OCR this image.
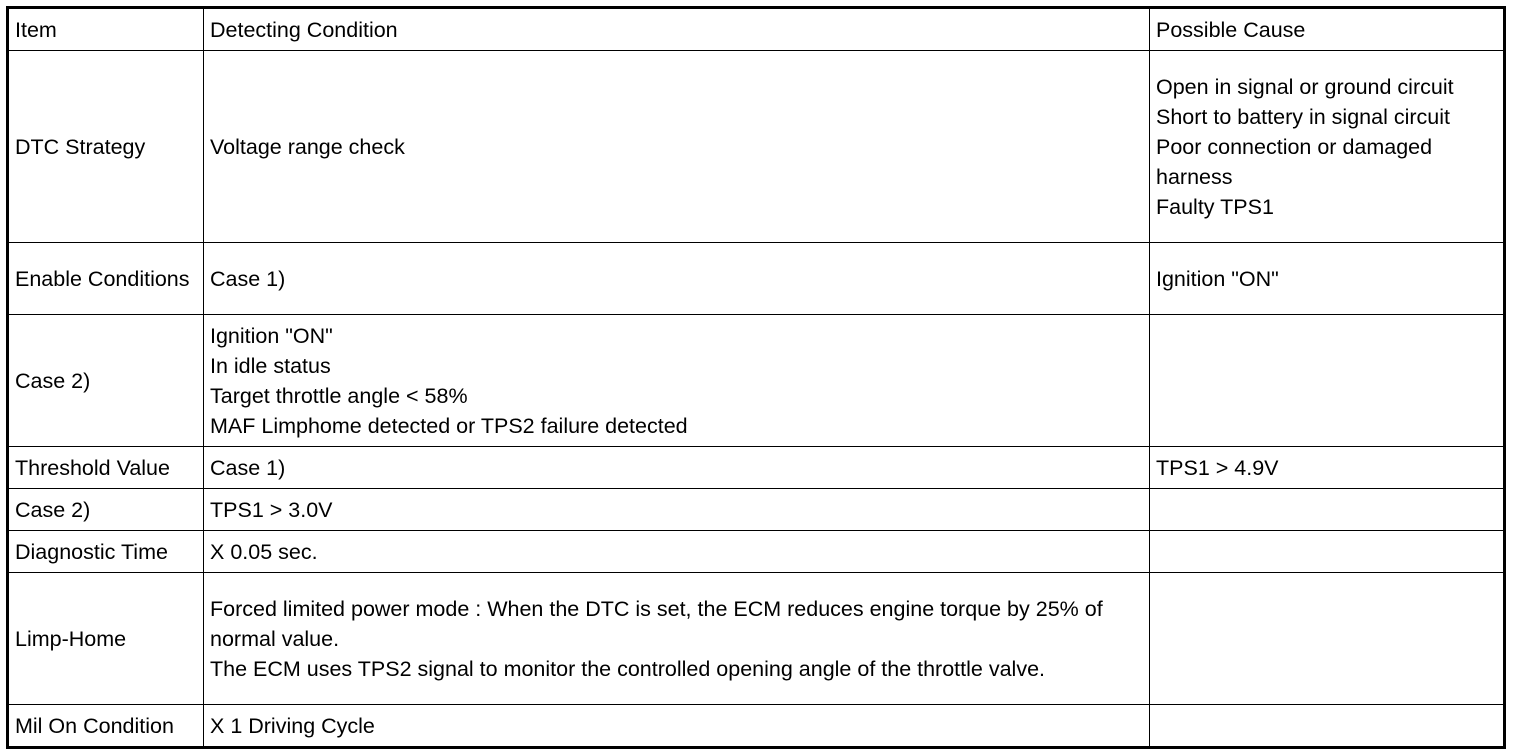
Item	Detecting Condition	Possible Cause
DTC Strategy	Voltage range check	Open in signal or ground circuit
Short to battery in signal circuit
Poor connection or damaged harness
Faulty TPS1

Enable Conditions	Case 1)	Ignition "ON"

Case 2)	Ignition "ON"
In idle status
Target throttle angle < 58%
MAF Limphome detected or TPS2 failure detected	

Threshold Value	Case 1)	TPS1 > 4.9V

Case 2)	TPS1 > 3.0V	

Diagnostic Time	X 0.05 sec.	

Limp-Home	Forced limited power mode : When the DTC is set, the ECM reduces engine torque by 25% of normal value.
The ECM uses TPS2 signal to monitor the controlled opening angle of the throttle valve.	

Mil On Condition	X 1 Driving Cycle	
